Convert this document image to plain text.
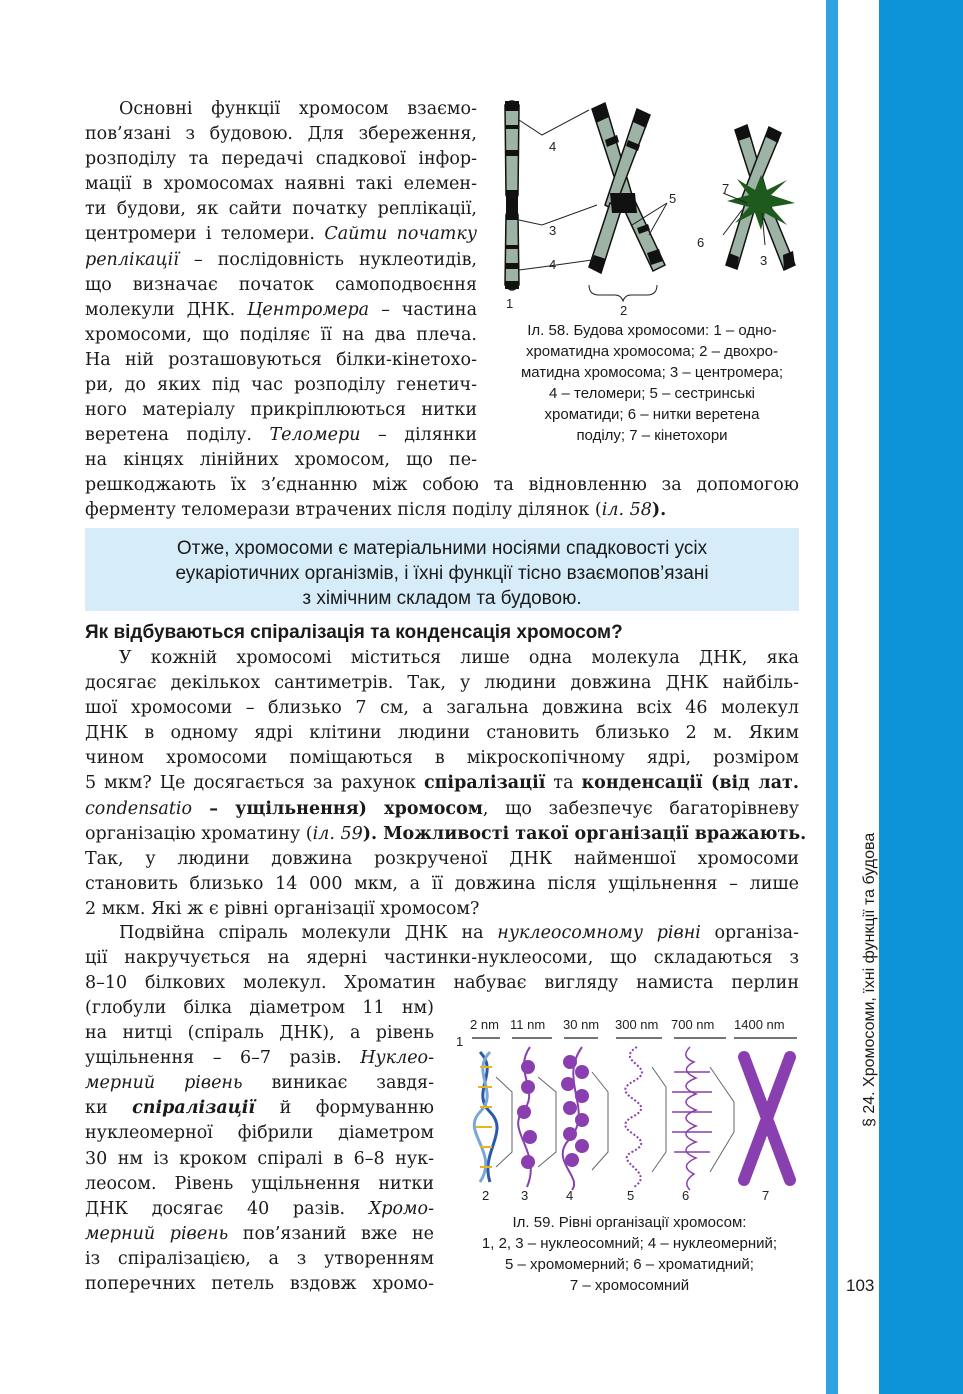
Основні функції хромосом взаємо-
пов’язані з будовою. Для збереження,
розподілу та передачі спадкової інфор-
мації в хромосомах наявні такі елемен-
ти будови, як сайти початку реплікації,
центромери і теломери. Сайти початку
реплікації – послідовність нуклеотидів,
що визначає початок самоподвоєння
молекули ДНК. Центромера – частина
хромосоми, що поділяє її на два плеча.
На ній розташовуються білки-кінетохо-
ри, до яких під час розподілу генетич-
ного матеріалу прикріплюються нитки
веретена поділу. Теломери – ділянки
на кінцях лінійних хромосом, що пе-
решкоджають їх з’єднанню між собою та відновленню за допомогою
ферменту теломерази втрачених після поділу ділянок (іл. 58).
4
3
4
1	2
5
7
6
3
Іл. 58. Будова хромосоми: 1 – одно-
хроматидна хромосома; 2 – двохро-
матидна хромосома; 3 – центромера;
4 – теломери; 5 – сестринські
хроматиди; 6 – нитки веретена
поділу; 7 – кінетохори
Отже, хромосоми є матеріальними носіями спадковості усіх
еукаріотичних організмів, і їхні функції тісно взаємопов’язані
з хімічним складом та будовою.
Як відбуваються спіралізація та конденсація хромосом?
У кожній хромосомі міститься лише одна молекула ДНК, яка
досягає декількох сантиметрів. Так, у людини довжина ДНК найбіль-
шої хромосоми – близько 7 см, а загальна довжина всіх 46 молекул
ДНК в одному ядрі клітини людини становить близько 2 м. Яким
чином хромосоми поміщаються в мікроскопічному ядрі, розміром
5 мкм? Це досягається за рахунок спіралізації та конденсації (від лат.
condensatio – ущільнення) хромосом, що забезпечує багаторівневу
організацію хроматину (іл. 59). Можливості такої організації вражають.
Так, у людини довжина розкрученої ДНК найменшої хромосоми
становить близько 14 000 мкм, а її довжина після ущільнення – лише
2 мкм. Які ж є рівні організації хромосом?
Подвійна спіраль молекули ДНК на нуклеосомному рівні організа-
ції накручується на ядерні частинки-нуклеосоми, що складаються з
8–10 білкових молекул. Хроматин набуває вигляду намиста перлин
(глобули білка діаметром 11 нм)
на нитці (спіраль ДНК), а рівень
ущільнення – 6–7 разів. Нуклео-
мерний рівень виникає завдя-
ки спіралізації й формуванню
нуклеомерної фібрили діаметром
30 нм із кроком спіралі в 6–8 нук-
леосом. Рівень ущільнення нитки
ДНК досягає 40 разів. Хромо-
мерний рівень пов’язаний вже не
із спіралізацією, а з утворенням
поперечних петель вздовж хромо-
2 nm 11 nm 30 nm 300 nm 700 nm 1400 nm
1
2 3	4	5	6	7
Іл. 59. Рівні організації хромосом:
1, 2, 3 – нуклеосомний; 4 – нуклеомерний;
5 – хромомерний; 6 – хроматидний;
7 – хромосомний
§ 24. Хромосоми, їхні функції та будова
103
